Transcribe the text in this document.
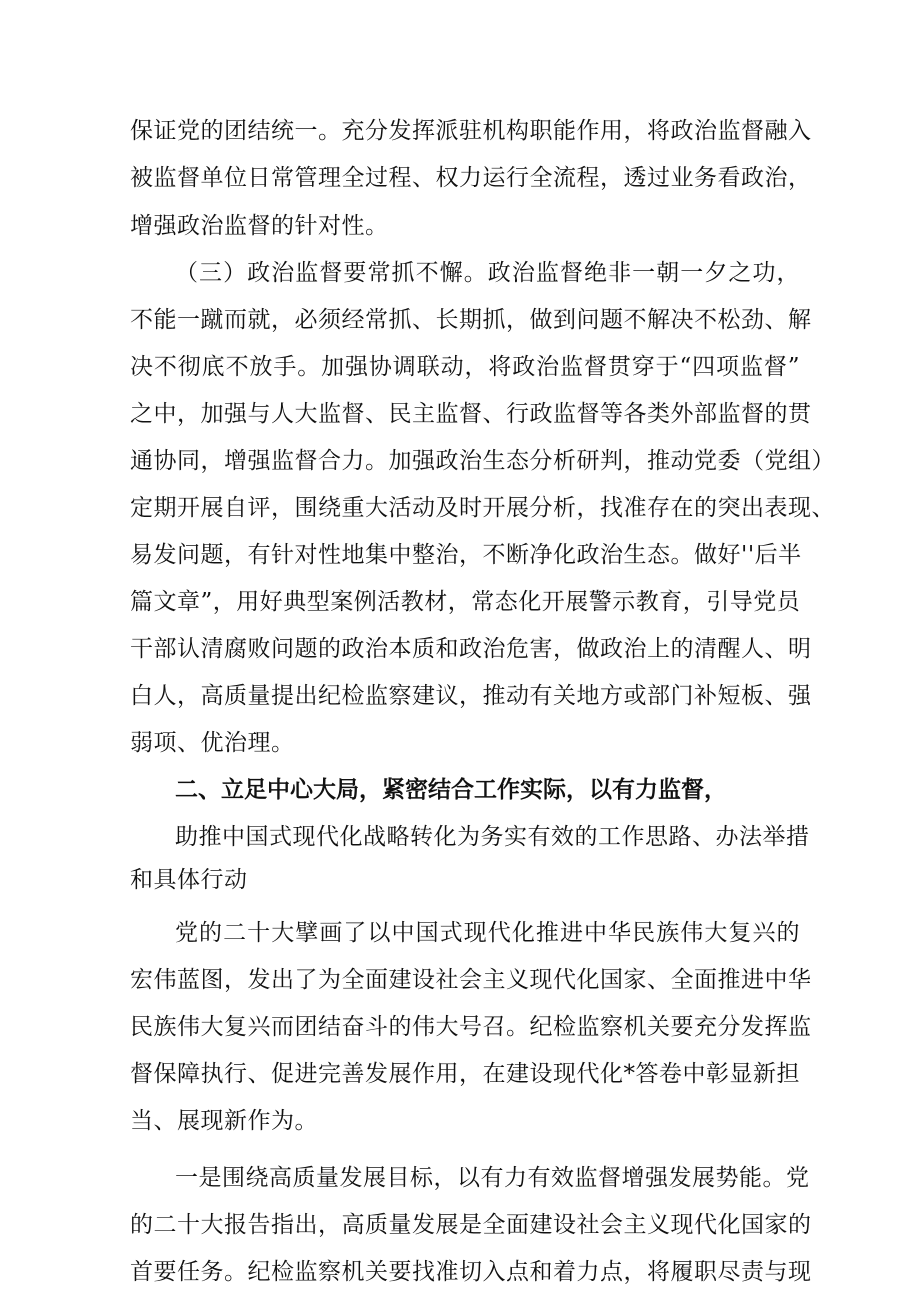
保证党的团结统一。充分发挥派驻机构职能作用，将政治监督融入
被监督单位日常管理全过程、权力运行全流程，透过业务看政治，
增强政治监督的针对性。
（三）政治监督要常抓不懈。政治监督绝非一朝一夕之功，
不能一蹴而就，必须经常抓、长期抓，做到问题不解决不松劲、解
决不彻底不放手。加强协调联动，将政治监督贯穿于“四项监督”
之中，加强与人大监督、民主监督、行政监督等各类外部监督的贯
通协同，增强监督合力。加强政治生态分析研判，推动党委（党组）
定期开展自评，围绕重大活动及时开展分析，找准存在的突出表现、
易发问题，有针对性地集中整治，不断净化政治生态。做好''后半
篇文章”，用好典型案例活教材，常态化开展警示教育，引导党员
干部认清腐败问题的政治本质和政治危害，做政治上的清醒人、明
白人，高质量提出纪检监察建议，推动有关地方或部门补短板、强
弱项、优治理。
二、立足中心大局，紧密结合工作实际，以有力监督，
助推中国式现代化战略转化为务实有效的工作思路、办法举措
和具体行动
党的二十大擘画了以中国式现代化推进中华民族伟大复兴的
宏伟蓝图，发出了为全面建设社会主义现代化国家、全面推进中华
民族伟大复兴而团结奋斗的伟大号召。纪检监察机关要充分发挥监
督保障执行、促进完善发展作用，在建设现代化*答卷中彰显新担
当、展现新作为。
一是围绕高质量发展目标，以有力有效监督增强发展势能。党
的二十大报告指出，高质量发展是全面建设社会主义现代化国家的
首要任务。纪检监察机关要找准切入点和着力点，将履职尽责与现
